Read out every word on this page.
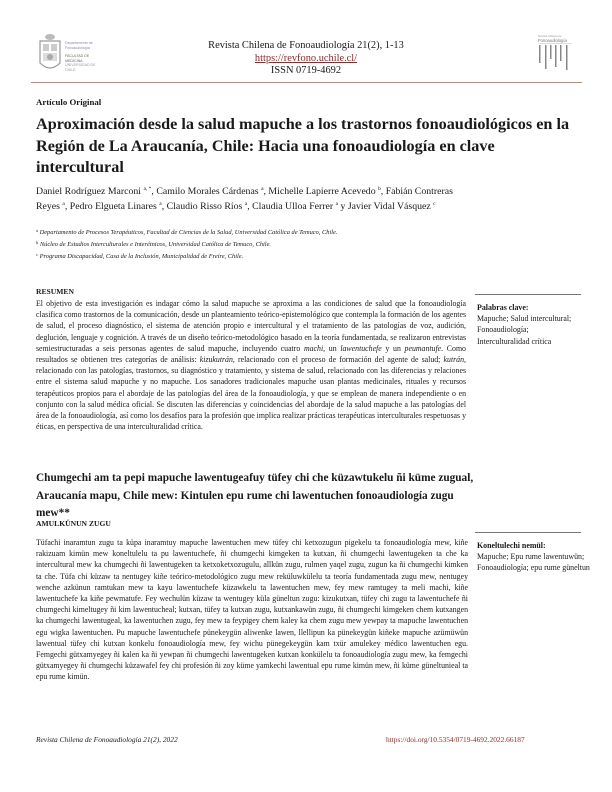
Departamento de
Fonoaudiología
FACULTAD DE MEDICINA
UNIVERSIDAD DE CHILE
Revista Chilena de Fonoaudiología 21(2), 1-13
https://revfono.uchile.cl/
ISSN 0719-4692
Revista Chilena de
Fonoaudiología
Artículo Original
Aproximación desde la salud mapuche a los trastornos fonoaudiológicos en la Región de La Araucanía, Chile: Hacia una fonoaudiología en clave intercultural
Daniel Rodríguez Marconi $^{a, *}$, Camilo Morales Cárdenas $^a$, Michelle Lapierre Acevedo $^b$, Fabián Contreras Reyes $^a$, Pedro Elgueta Linares $^a$, Claudio Risso Ríos $^a$, Claudia Ulloa Ferrer $^a$ y Javier Vidal Vásquez $^c$
$^a$ Departamento de Procesos Terapéuticos, Facultad de Ciencias de la Salud, Universidad Católica de Temuco, Chile.
$^b$ Núcleo de Estudios Interculturales e Interétnicos, Universidad Católica de Temuco, Chile.
$^c$ Programa Discapacidad, Casa de la Inclusión, Municipalidad de Freire, Chile.
RESUMEN
El objetivo de esta investigación es indagar cómo la salud mapuche se aproxima a las condiciones de salud que la fonoaudiología clasifica como trastornos de la comunicación, desde un planteamiento teórico-epistemológico que contempla la formación de los agentes de salud, el proceso diagnóstico, el sistema de atención propio e intercultural y el tratamiento de las patologías de voz, audición, deglución, lenguaje y cognición. A través de un diseño teórico-metodológico basado en la teoría fundamentada, se realizaron entrevistas semiestructuradas a seis personas agentes de salud mapuche, incluyendo cuatro machi, un lawentuchefe y un peumantufe. Como resultados se obtienen tres categorías de análisis: kizukutrán, relacionado con el proceso de formación del agente de salud; kutrán, relacionado con las patologías, trastornos, su diagnóstico y tratamiento, y sistema de salud, relacionado con las diferencias y relaciones entre el sistema salud mapuche y no mapuche. Los sanadores tradicionales mapuche usan plantas medicinales, rituales y recursos terapéuticos propios para el abordaje de las patologías del área de la fonoaudiología, y que se emplean de manera independiente o en conjunto con la salud médica oficial. Se discuten las diferencias y coincidencias del abordaje de la salud mapuche a las patologías del área de la fonoaudiología, así como los desafíos para la profesión que implica realizar prácticas terapéuticas interculturales respetuosas y éticas, en perspectiva de una interculturalidad crítica.
Palabras clave:
Mapuche; Salud intercultural;
Fonoaudiología;
Interculturalidad crítica
Chumgechi am ta pepi mapuche lawentugeafuy tüfey chi che küzawtukelu ñi küme zugual, Araucanía mapu, Chile mew: Kintulen epu rume chi lawentuchen fonoaudiología zugu mew**
AMULKÜNUN ZUGU
Tüfachi inaramtun zugu ta küpa inaramtuy mapuche lawentuchen mew tüfey chi ketxozugun pigekelu ta fonoaudiología mew, kiñe rakizuam kimün mew koneltulelu ta pu lawentuchefe, ñi chumgechi kimgeken ta kutxan, ñi chumgechi lawentugeken ta che ka intercultural mew ka chumgechi ñi lawentugeken ta ketxoketxozugulu, allkün zugu, rulmen yaqel zugu, zugun ka ñi chumgechi kimken ta che. Tüfa chi küzaw ta nentugey kiñe teórico-metodológico zugu mew reküluwkülelu ta teoría fundamentada zugu mew, nentugey wenche azkünun ramtukan mew ta kayu lawentuchefe küzawkelu ta lawentuchen mew, fey mew ramtugey ta meli machi, kiñe lawentuchefe ka kiñe pewmatufe. Fey wechulün küzaw ta wentugey küla güneltun zugu: kizukutxan, tüfey chi zugu ta lawentuchefe ñi chumgechi kimeltugey ñi kim lawentucheal; kutxan, tüfey ta kutxan zugu, kutxankawün zugu, ñi chumgechi kimgeken chem kutxangen ka chumgechi lawentugeal, ka lawentuchen zugu, fey mew ta feypigey chem kaley ka chem zugu mew yewpay ta mapuche lawentuchen egu wigka lawentuchen. Pu mapuche lawentuchefe pünekeygün aliwenke lawen, llellipun ka pünekeygün kiñeke mapuche azümüwün lawentual tüfey chi kutxan konkelu fonoaudiología mew, fey wichu pünegekeygün kam txür amulekey médico lawentuchen egu. Femgechi gütxamyegey ñi kalen ka ñi yewpan ñi chumgechi lawentugeken kutxan konkülelu ta fonoaudiología zugu mew, ka femgechi gütxamyegey ñi chumgechi küzawafel fey chi profesión ñi zoy küme yamkechi lawentual epu rume kimün mew, ñi küme güneltunieal ta epu rume kimün.
Koneltulechi nemül:
Mapuche; Epu rume lawentuwün;
Fonoaudiología; epu rume güneltun
Revista Chilena de Fonoaudiología 21(2), 2022	https://doi.org/10.5354/0719-4692.2022.66187
